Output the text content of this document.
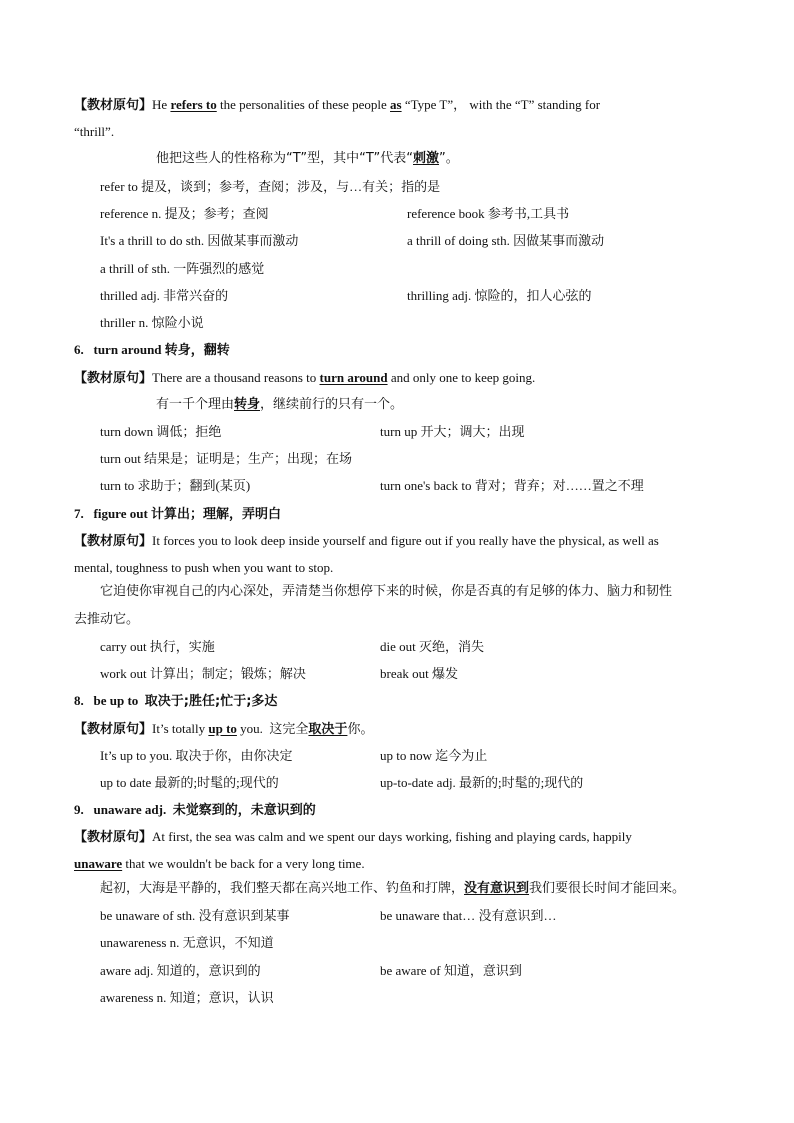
【教材原句】He refers to the personalities of these people as “Type T”， with the “T” standing for
“thrill”.
他把这些人的性格称为“T”型，其中“T”代表“刺激”。
refer to 提及，谈到；参考，查阅；涉及，与…有关；指的是
reference n. 提及；参考；查阅	reference book 参考书,工具书
It's a thrill to do sth. 因做某事而激动	a thrill of doing sth. 因做某事而激动
a thrill of sth. 一阵强烈的感觉
thrilled adj. 非常兴奋的	thrilling adj. 惊险的，扣人心弦的
thriller n. 惊险小说
6. turn around 转身，翻转
【教材原句】There are a thousand reasons to turn around and only one to keep going.
有一千个理由转身，继续前行的只有一个。
turn down 调低；拒绝	turn up 开大；调大；出现
turn out 结果是；证明是；生产；出现；在场
turn to 求助于；翻到(某页)	turn one's back to 背对；背弃；对……置之不理
7. figure out 计算出；理解，弄明白
【教材原句】It forces you to look deep inside yourself and figure out if you really have the physical, as well as
mental, toughness to push when you want to stop.
它迫使你审视自己的内心深处，弄清楚当你想停下来的时候，你是否真的有足够的体力、脑力和韧性
去推动它。
carry out 执行，实施	die out 灭绝，消失
work out 计算出；制定；锻炼；解决	break out 爆发
8. be up to 取决于;胜任;忙于;多达
【教材原句】It’s totally up to you. 这完全取决于你。
It’s up to you. 取决于你，由你决定	up to now 迄今为止
up to date 最新的;时髦的;现代的	up-to-date adj. 最新的;时髦的;现代的
9. unaware adj. 未觉察到的，未意识到的
【教材原句】At first, the sea was calm and we spent our days working, fishing and playing cards, happily
unaware that we wouldn't be back for a very long time.
起初，大海是平静的，我们整天都在高兴地工作、钓鱼和打牌，没有意识到我们要很长时间才能回来。
be unaware of sth. 没有意识到某事	be unaware that… 没有意识到…
unawareness n. 无意识，不知道
aware adj. 知道的，意识到的	be aware of 知道，意识到
awareness n. 知道；意识，认识
